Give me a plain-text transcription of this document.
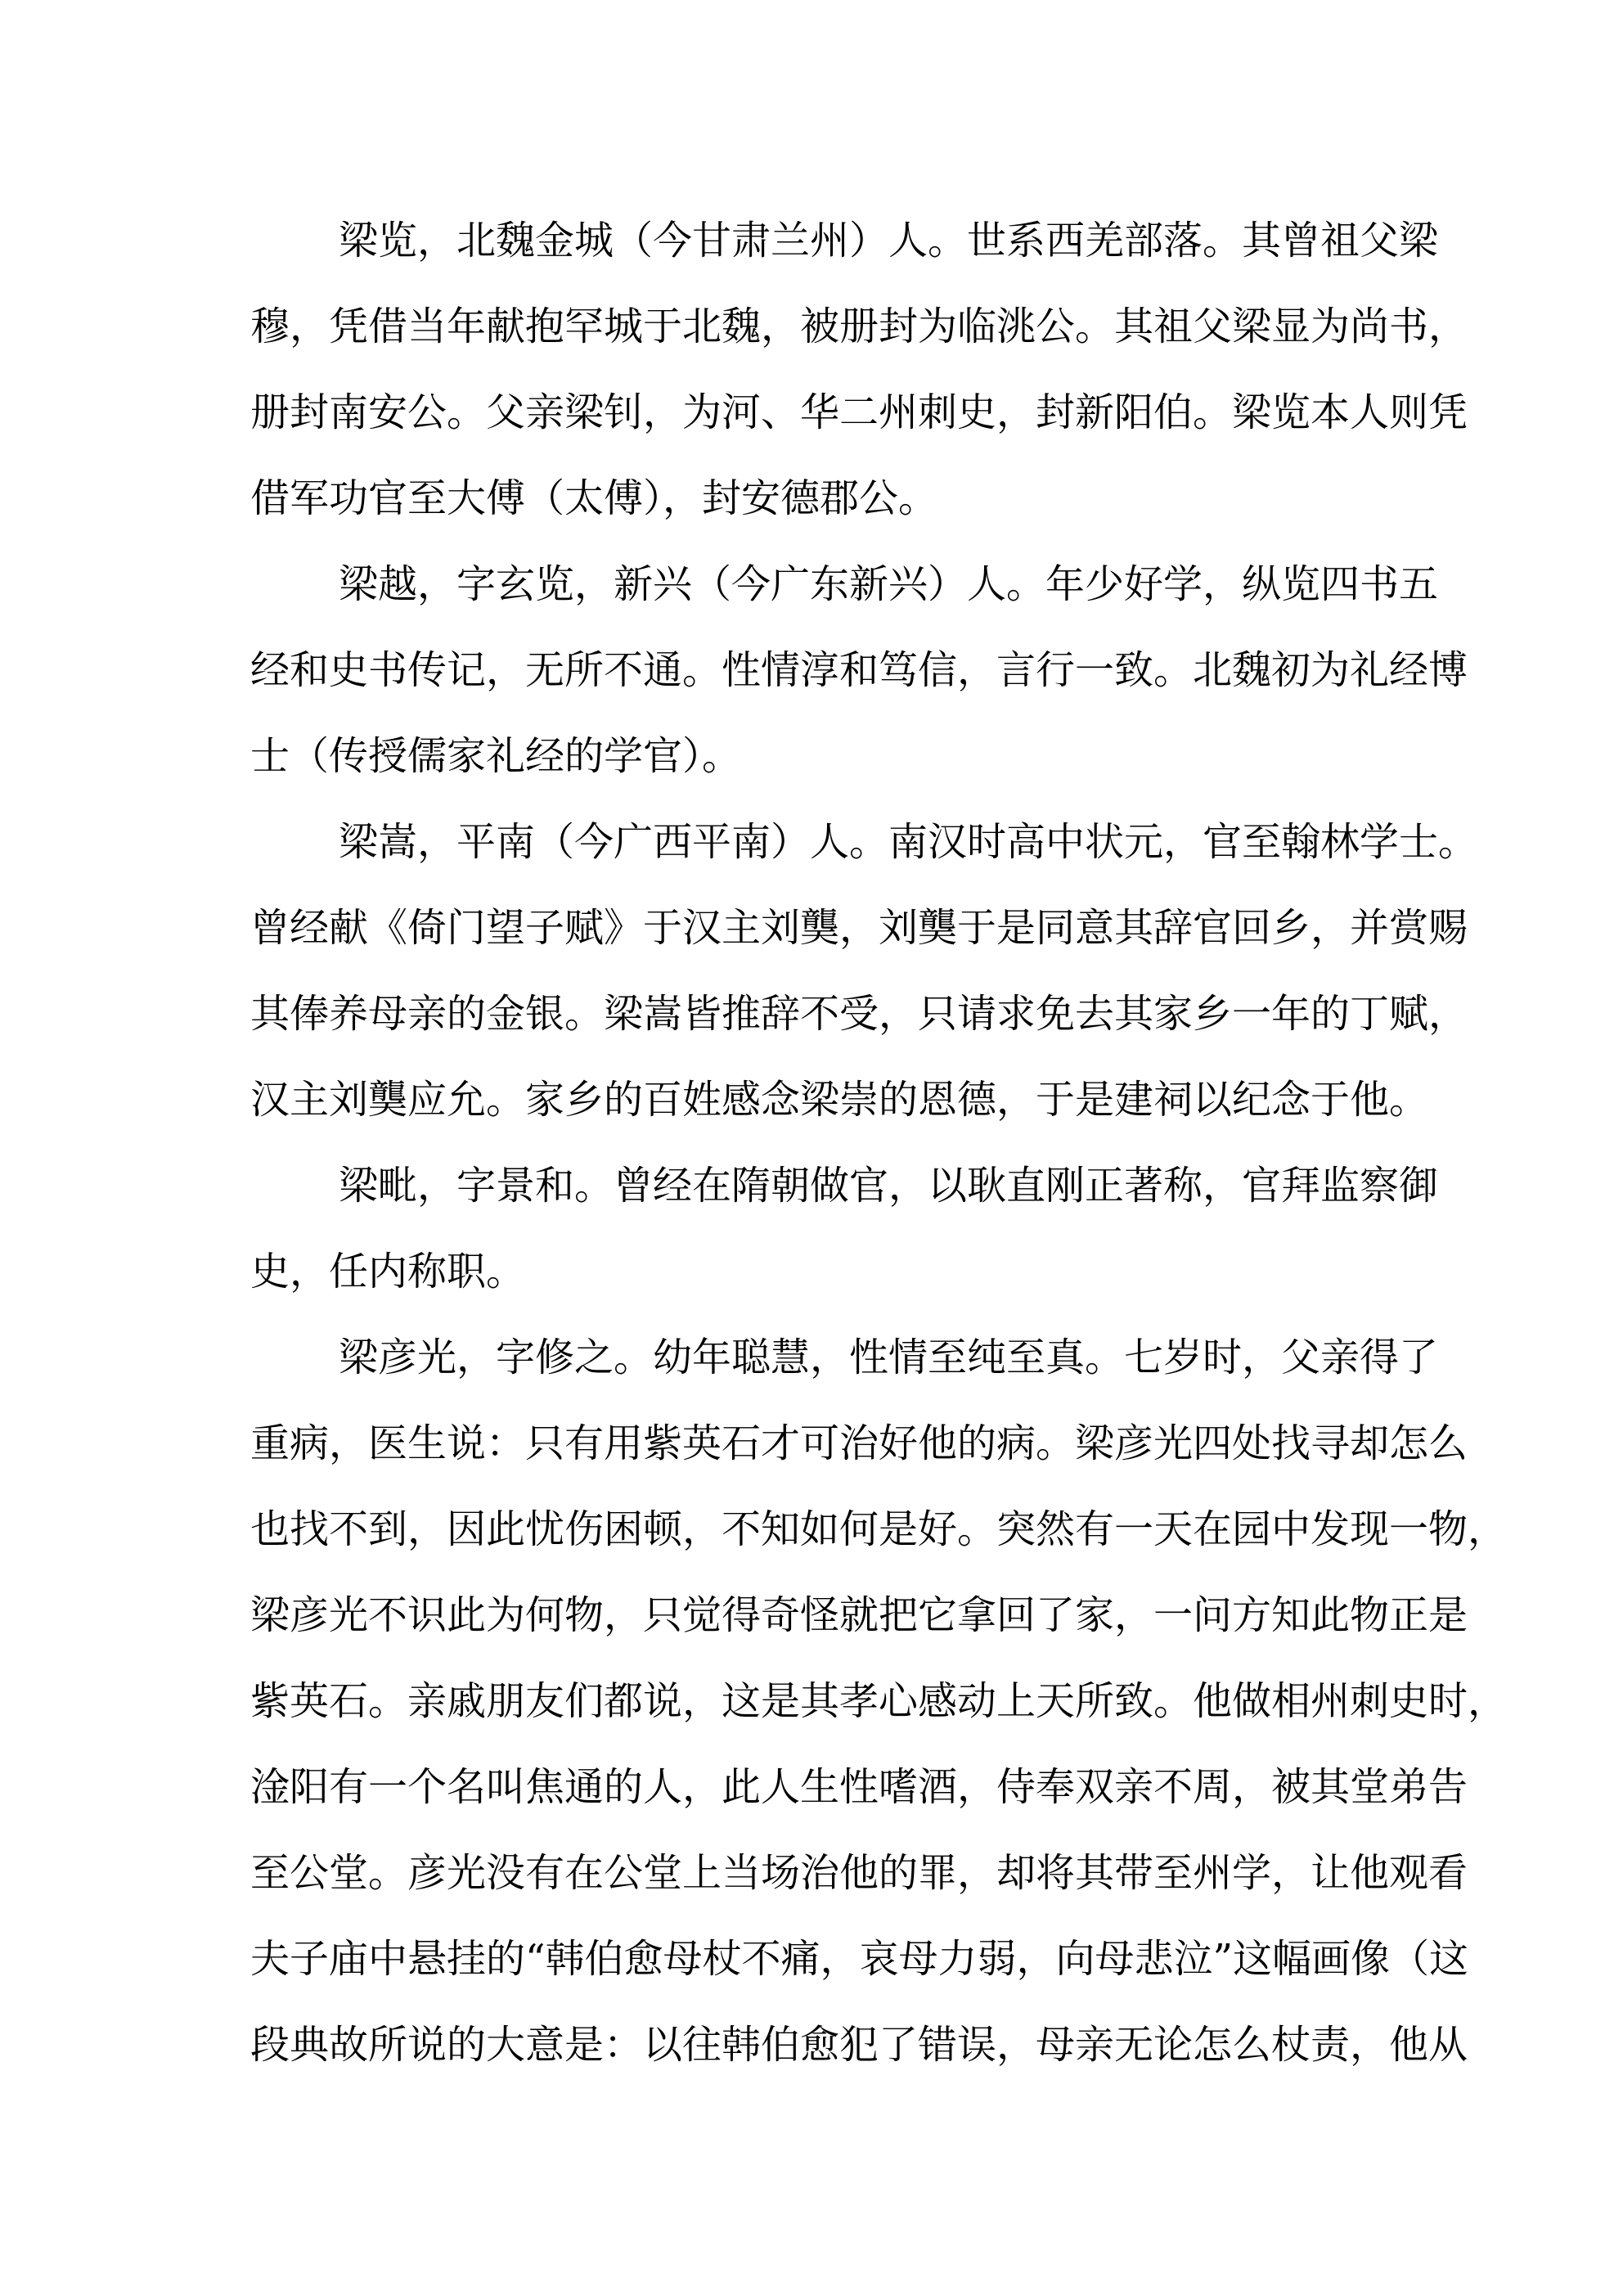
梁览，北魏金城（今甘肃兰州）人。世系西羌部落。其曾祖父梁
穆，凭借当年献抱罕城于北魏，被册封为临洮公。其祖父梁显为尚书，
册封南安公。父亲梁钊，为河、华二州刺史，封新阳伯。梁览本人则凭
借军功官至大傅（太傅），封安德郡公。
梁越，字玄览，新兴（今广东新兴）人。年少好学，纵览四书五
经和史书传记，无所不通。性情淳和笃信，言行一致。北魏初为礼经博
士（传授儒家礼经的学官）。
梁嵩，平南（今广西平南）人。南汉时高中状元，官至翰林学士。
曾经献《倚门望子赋》于汉主刘龑，刘龑于是同意其辞官回乡，并赏赐
其俸养母亲的金银。梁嵩皆推辞不受，只请求免去其家乡一年的丁赋，
汉主刘龑应允。家乡的百姓感念梁崇的恩德，于是建祠以纪念于他。
梁毗，字景和。曾经在隋朝做官，以耿直刚正著称，官拜监察御
史，任内称职。
梁彦光，字修之。幼年聪慧，性情至纯至真。七岁时，父亲得了
重病，医生说：只有用紫英石才可治好他的病。梁彦光四处找寻却怎么
也找不到，因此忧伤困顿，不知如何是好。突然有一天在园中发现一物，
梁彦光不识此为何物，只觉得奇怪就把它拿回了家，一问方知此物正是
紫英石。亲戚朋友们都说，这是其孝心感动上天所致。他做相州刺史时，
淦阳有一个名叫焦通的人，此人生性嗜酒，侍奉双亲不周，被其堂弟告
至公堂。彦光没有在公堂上当场治他的罪，却将其带至州学，让他观看
夫子庙中悬挂的“韩伯愈母杖不痛，哀母力弱，向母悲泣”这幅画像（这
段典故所说的大意是：以往韩伯愈犯了错误，母亲无论怎么杖责，他从
